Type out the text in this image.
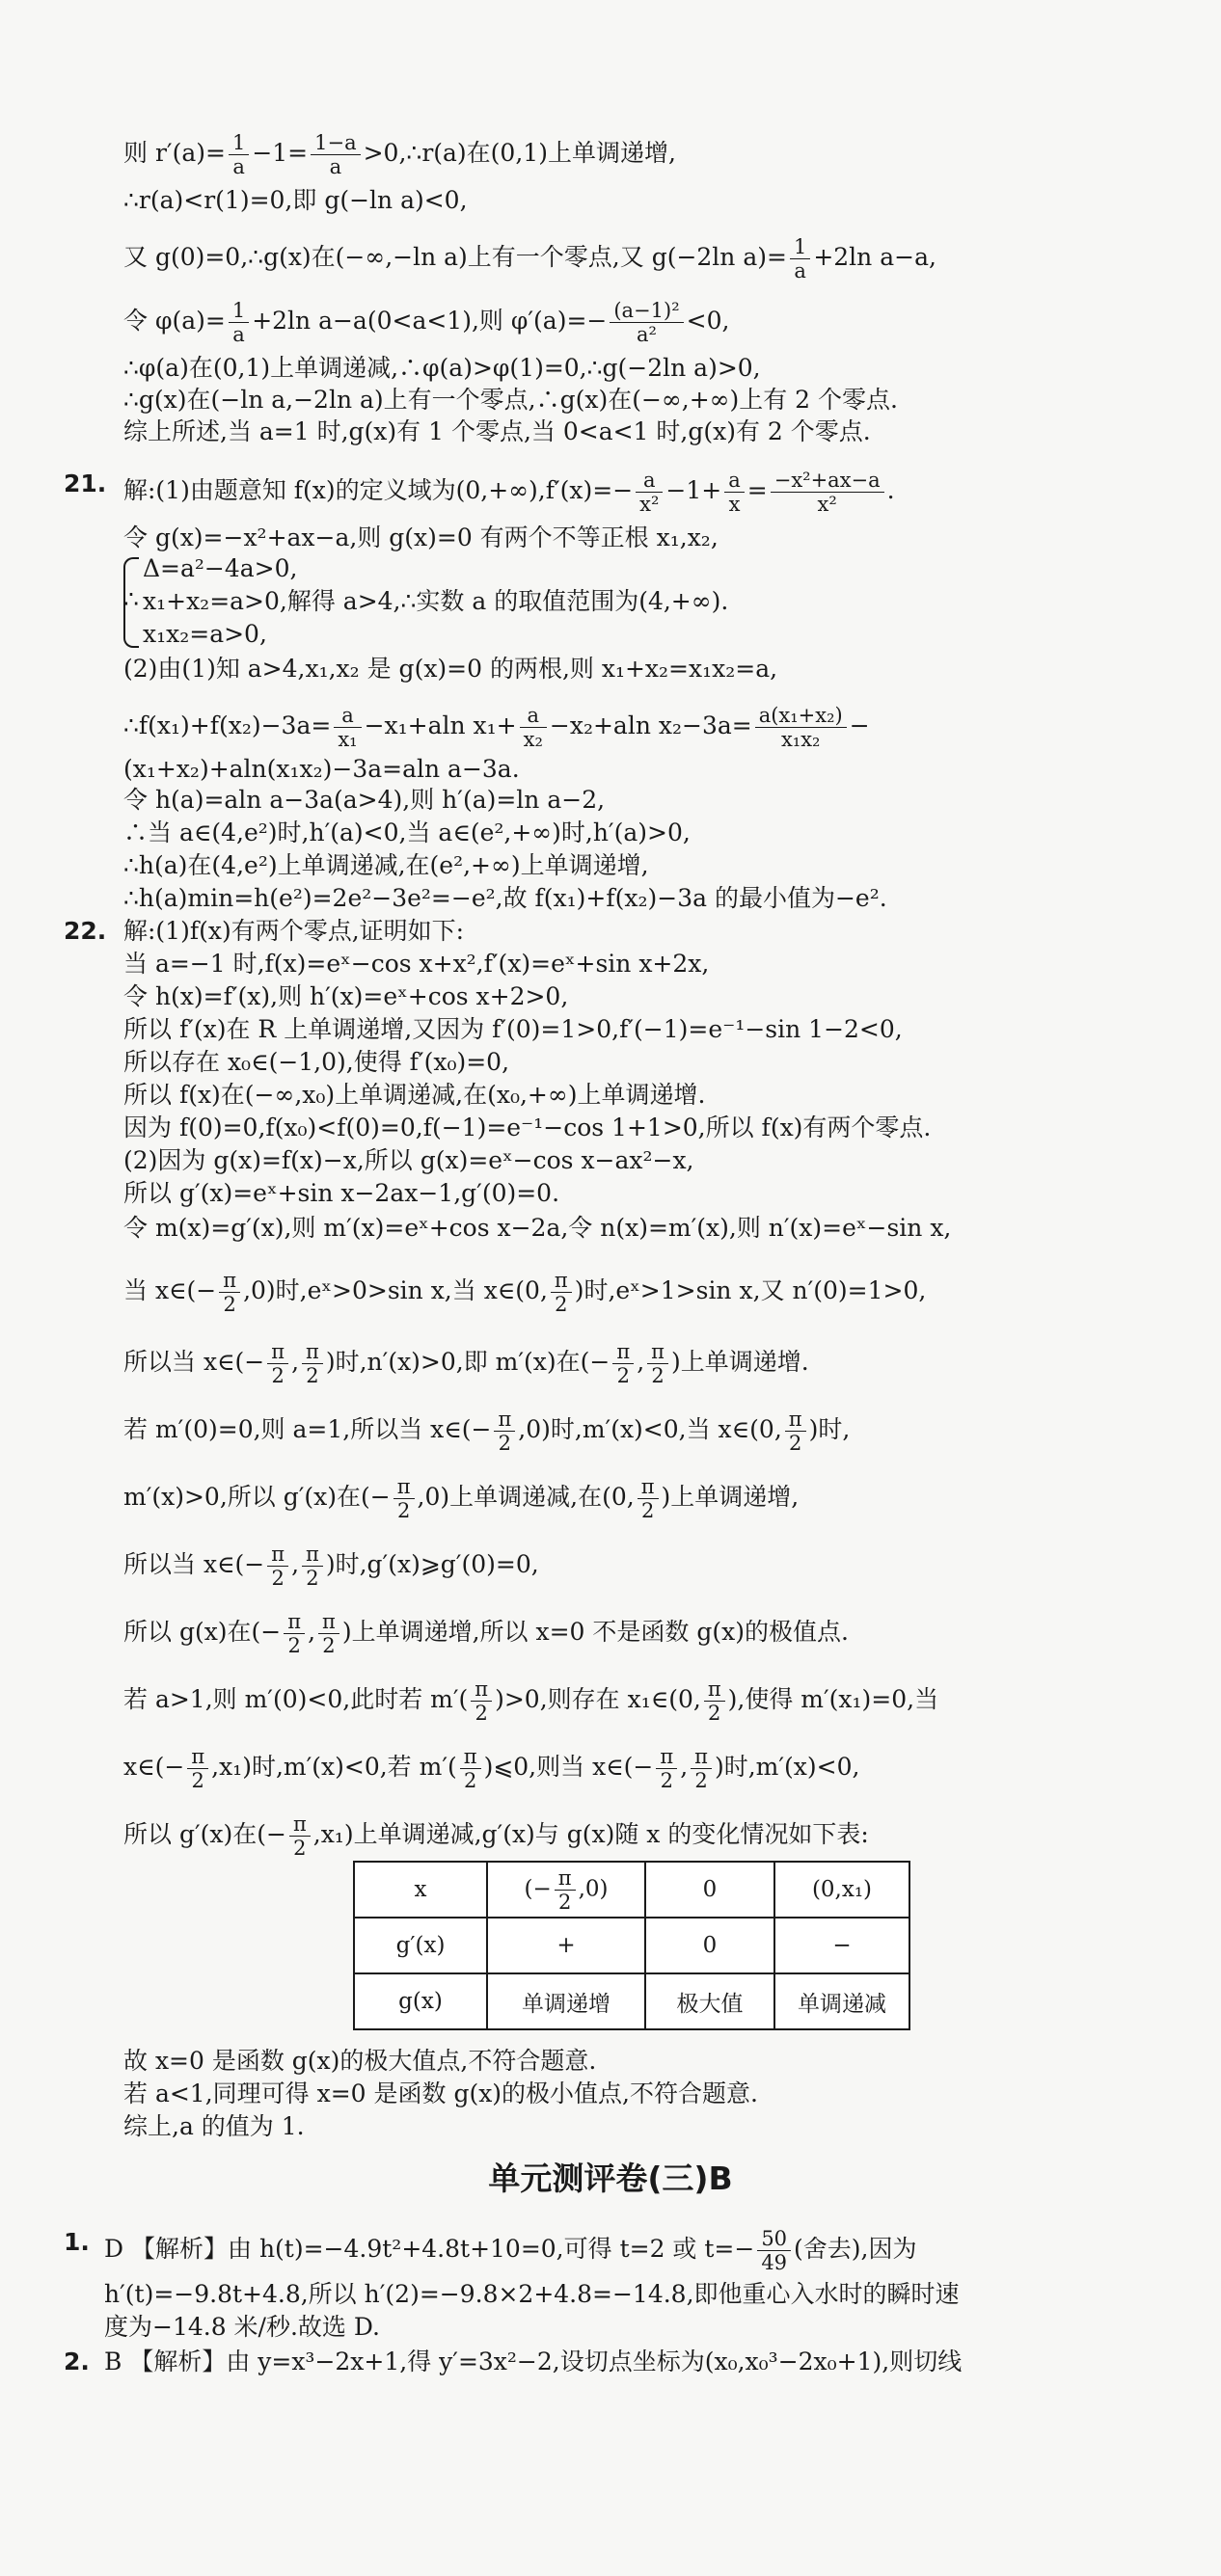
则 $r'(a)= \frac{1}{a} -1= \frac{1-a}{a}$ >0,∴r(a)在(0,1)上单调递增,
∴r(a)<r(1)=0,即 g(−ln a)<0,
又 g(0)=0,∴g(x)在(−∞,−ln a)上有一个零点,又 g(−2ln $a)= \frac{1}{a} +2\ln$ a−a,
令 $\varphi(a)= \frac{1}{a} +2\ln$ a−a(0<a<1),则 $\varphi'(a)=- \frac{\text{(a−1)²}}{\text{a²}} <0$,
∴φ(a)在(0,1)上单调递减,∴φ(a)>φ(1)=0,∴g(−2ln a)>0,
∴g(x)在(−ln a,−2ln a)上有一个零点,∴g(x)在(−∞,+∞)上有 2 个零点.
综上所述,当 a=1 时,g(x)有 1 个零点,当 0<a<1 时,g(x)有 2 个零点.
21. 解:(1)由题意知 f(x)的定义域为$(0,+\infty),f'(x)=- \frac{a}{\text{x²}} -1+ \frac{a}{x} = \frac{\text{−x²+ax−a}}{\text{x²}}$ .
令 g(x)=−x²+ax−a,则 g(x)=0 有两个不等正根 x₁,x₂,
∴
Δ=a²−4a>0,
x₁+x₂=a>0,解得 a>4,∴实数 a 的取值范围为(4,+∞).
x₁x₂=a>0,
(2)由(1)知 a>4,x₁,x₂ 是 g(x)=0 的两根,则 x₁+x₂=x₁x₂=a,
∴f(x₁)+f(x₂)−3a= $\frac{a}{\text{x₁}} -x_1+aln$ $x_1+ \frac{a}{\text{x₂}} -x_2+aln$ $x_2-3a= \frac{\text{a(x₁+x₂)}}{\text{x₁x₂}}$ −
(x₁+x₂)+aln(x₁x₂)−3a=aln a−3a.
令 h(a)=aln a−3a(a>4),则 h′(a)=ln a−2,
∴当 a∈(4,e²)时,h′(a)<0,当 a∈(e²,+∞)时,h′(a)>0,
∴h(a)在(4,e²)上单调递减,在(e²,+∞)上单调递增,
∴h(a)min=h(e²)=2e²−3e²=−e²,故 f(x₁)+f(x₂)−3a 的最小值为−e².
22. 解:(1)f(x)有两个零点,证明如下:
当 a=−1 时,f(x)=eˣ−cos x+x²,f′(x)=eˣ+sin x+2x,
令 h(x)=f′(x),则 h′(x)=eˣ+cos x+2>0,
所以 f′(x)在 R 上单调递增,又因为 f′(0)=1>0,f′(−1)=e⁻¹−sin 1−2<0,
所以存在 x₀∈(−1,0),使得 f′(x₀)=0,
所以 f(x)在(−∞,x₀)上单调递减,在(x₀,+∞)上单调递增.
因为 f(0)=0,f(x₀)<f(0)=0,f(−1)=e⁻¹−cos 1+1>0,所以 f(x)有两个零点.
(2)因为 g(x)=f(x)−x,所以 g(x)=eˣ−cos x−ax²−x,
所以 g′(x)=eˣ+sin x−2ax−1,g′(0)=0.
令 m(x)=g′(x),则 m′(x)=eˣ+cos x−2a,令 n(x)=m′(x),则 n′(x)=eˣ−sin x,
当 x∈(− $\frac{\pi}{2} ,0$)时,eˣ>0>sin x,当 x∈(0, $\frac{\pi}{2}$ )时,eˣ>1>sin x,又 n′(0)=1>0,
所以当 x∈(− $\frac{\pi}{2}$ , $\frac{\pi}{2}$ )时,n′(x)>0,即 m′(x)在(− $\frac{\pi}{2}$ , $\frac{\pi}{2}$ )上单调递增.
若 m′(0)=0,则 a=1,所以当 x∈(− $\frac{\pi}{2} ,0$)时,m′(x)<0,当 x∈(0, $\frac{\pi}{2}$ )时,
m′(x)>0,所以 g′(x)在(− $\frac{\pi}{2} ,0$)上单调递减,在(0, $\frac{\pi}{2}$ )上单调递增,
所以当 x∈(− $\frac{\pi}{2}$ , $\frac{\pi}{2}$ )时,g′(x)⩾g′(0)=0,
所以 g(x)在(− $\frac{\pi}{2}$ , $\frac{\pi}{2}$ )上单调递增,所以 x=0 不是函数 g(x)的极值点.
若 a>1,则 m′(0)<0,此时若 $m'( \frac{\pi}{2} )>0$,则存在 x₁∈(0, $\frac{\pi}{2}$ ),使得 m′(x₁)=0,当
x∈(− $\frac{\pi}{2} ,x_1$)时,m′(x)<0,若 $m'( \frac{\pi}{2}$ )⩽0,则当 x∈(− $\frac{\pi}{2}$ , $\frac{\pi}{2}$ )时,m′(x)<0,
所以 g′(x)在(− $\frac{\pi}{2} ,x_1$)上单调递减,g′(x)与 g(x)随 x 的变化情况如下表:
x	(− $\frac{\pi}{2} ,0$)	0	(0,x₁)
g′(x)	+	0	−
g(x)	单调递增	极大值	单调递减
故 x=0 是函数 g(x)的极大值点,不符合题意.
若 a<1,同理可得 x=0 是函数 g(x)的极小值点,不符合题意.
综上,a 的值为 1.
单元测评卷(三)B
1. D 【解析】由 h(t)=−4.9t²+4.8t+10=0,可得 t=2 或 $t=- \frac{50}{49}$ (舍去),因为
h′(t)=−9.8t+4.8,所以 h′(2)=−9.8×2+4.8=−14.8,即他重心入水时的瞬时速
度为−14.8 米/秒.故选 D.
2. B 【解析】由 y=x³−2x+1,得 y′=3x²−2,设切点坐标为(x₀,x₀³−2x₀+1),则切线
